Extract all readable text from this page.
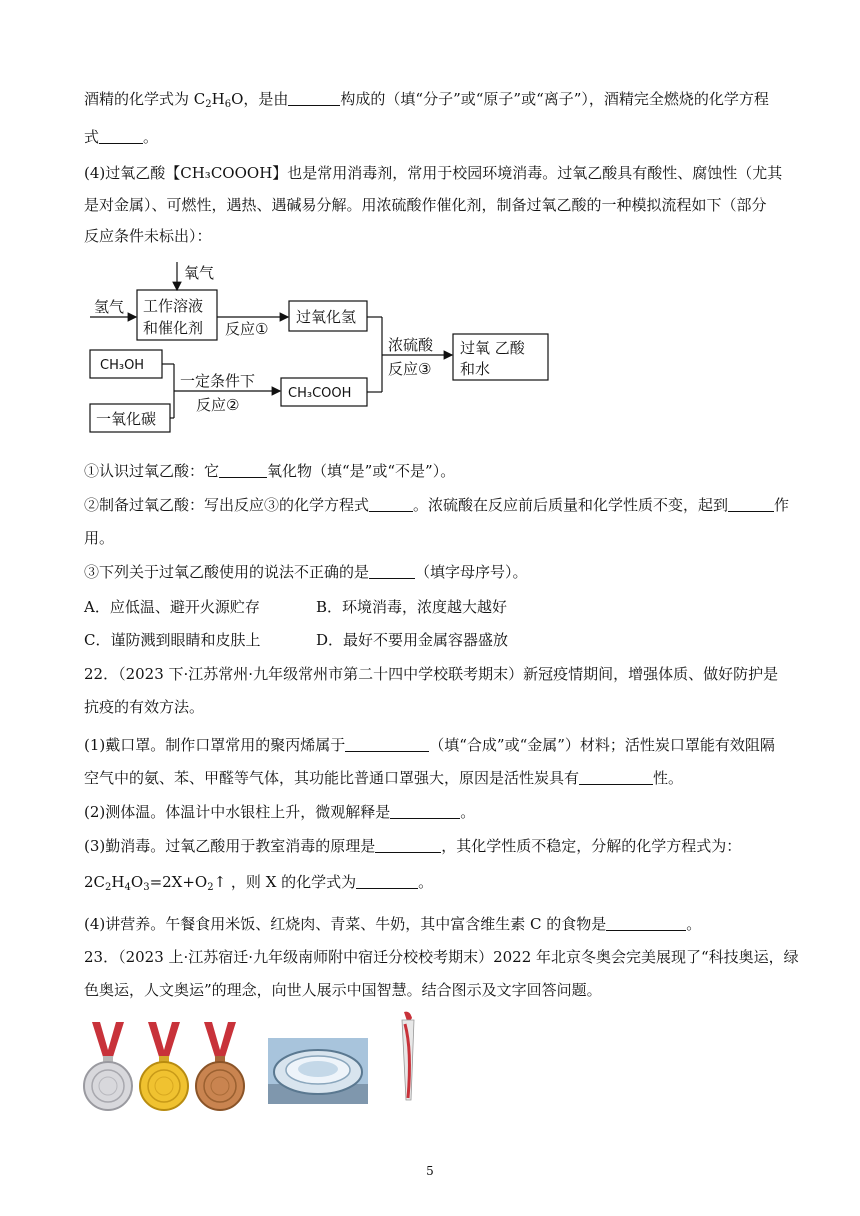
酒精的化学式为 $C_2H_6O$，是由	构成的（填“分子”或“原子”或“离子”），酒精完全燃烧的化学方程
式	。
(4)过氧乙酸【CH₃COOOH】也是常用消毒剂，常用于校园环境消毒。过氧乙酸具有酸性、腐蚀性（尤其
是对金属）、可燃性，遇热、遇碱易分解。用浓硫酸作催化剂，制备过氧乙酸的一种模拟流程如下（部分
反应条件未标出）：
氧气
氢气 工作溶液
和催化剂 反应①
过氧化氢
CH₃OH
一氧化碳
一定条件下
反应②
CH₃COOH
浓硫酸
反应③
过氧 乙酸
和水
①认识过氧乙酸：它	氧化物（填“是”或“不是”）。
②制备过氧乙酸：写出反应③的化学方程式	。浓硫酸在反应前后质量和化学性质不变，起到	作
用。
③下列关于过氧乙酸使用的说法不正确的是	（填字母序号）。
A．应低温、避开火源贮存	B．环境消毒，浓度越大越好
C．谨防溅到眼睛和皮肤上	D．最好不要用金属容器盛放
22．（2023 下·江苏常州·九年级常州市第二十四中学校联考期末）新冠疫情期间，增强体质、做好防护是
抗疫的有效方法。
(1)戴口罩。制作口罩常用的聚丙烯属于	（填“合成”或“金属”）材料；活性炭口罩能有效阻隔
空气中的氨、苯、甲醛等气体，其功能比普通口罩强大，原因是活性炭具有	性。
(2)测体温。体温计中水银柱上升，微观解释是	。
(3)勤消毒。过氧乙酸用于教室消毒的原理是	，其化学性质不稳定，分解的化学方程式为：
$2C_2H_4O_3=2X+O_2↑$ ，则 X 的化学式为	。
(4)讲营养。午餐食用米饭、红烧肉、青菜、牛奶，其中富含维生素 C 的食物是	。
23．（2023 上·江苏宿迁·九年级南师附中宿迁分校校考期末）2022 年北京冬奥会完美展现了“科技奥运，绿
色奥运，人文奥运”的理念，向世人展示中国智慧。结合图示及文字回答问题。
5
